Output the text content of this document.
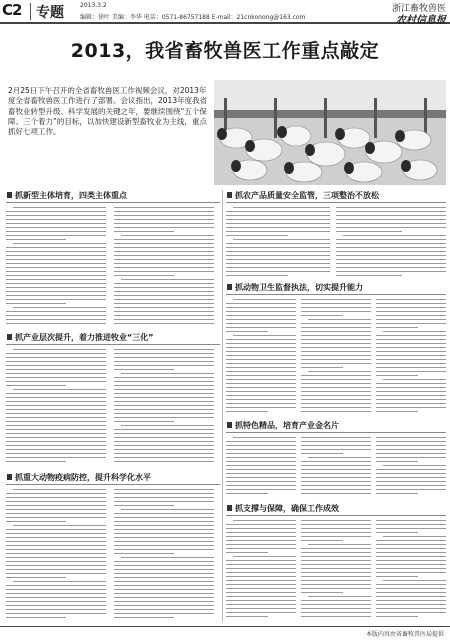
C2 专题	2013.3.2
编辑：徐叶 美编：李华 电话：0571-86757188 E-mail：21cnkonong@163.com
浙江畜牧兽医
农村信息报
2013，我省畜牧兽医工作重点敲定
2月25日下午召开的全省畜牧兽医工作视频会议，对2013年度全省畜牧兽医工作进行了部署。会议指出，2013年度我省畜牧业转型升级、科学发展的关键之年，要继续围绕“五个保障、三个着力”的目标，以加快建设新型畜牧业为主线，重点抓好七项工作。
抓新型主体培育，四类主体重点	抓农产品质量安全监管，三项整治不放松
抓动物卫生监督执法，切实提升能力
抓产业层次提升，着力推进牧业“三化”
抓特色精品，培育产业金名片
抓重大动物疫病防控，提升科学化水平
抓支撑与保障，确保工作成效
本版内容由省畜牧兽医局提供
